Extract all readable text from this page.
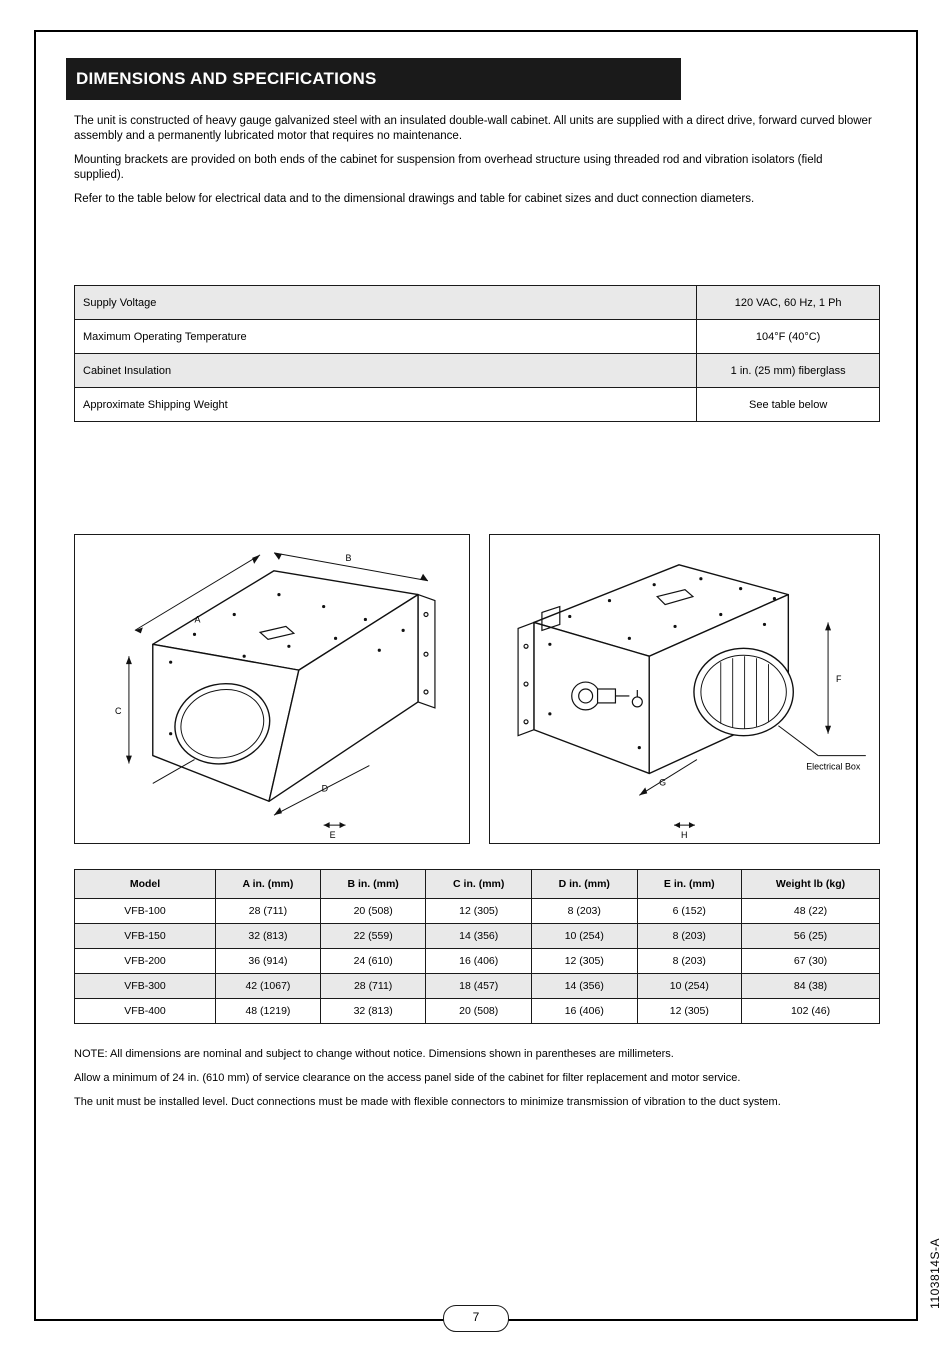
DIMENSIONS AND SPECIFICATIONS

The unit is constructed of heavy gauge galvanized steel with an insulated double-wall cabinet. All units are supplied with a direct drive, forward curved blower assembly and a permanently lubricated motor that requires no maintenance.

Mounting brackets are provided on both ends of the cabinet for suspension from overhead structure using threaded rod and vibration isolators (field supplied).

Refer to the table below for electrical data and to the dimensional drawings and table for cabinet sizes and duct connection diameters.

Supply Voltage	120 VAC, 60 Hz, 1 Ph
Maximum Operating Temperature	104°F (40°C)
Cabinet Insulation	1 in. (25 mm) fiberglass
Approximate Shipping Weight	See table below
A
B
C
D
E
F
G
H
Electrical Box
Model	A in. (mm)	B in. (mm)	C in. (mm)	D in. (mm)	E in. (mm)	Weight lb (kg)
VFB-100	28 (711)	20 (508)	12 (305)	8 (203)	6 (152)	48 (22)
VFB-150	32 (813)	22 (559)	14 (356)	10 (254)	8 (203)	56 (25)
VFB-200	36 (914)	24 (610)	16 (406)	12 (305)	8 (203)	67 (30)
VFB-300	42 (1067)	28 (711)	18 (457)	14 (356)	10 (254)	84 (38)
VFB-400	48 (1219)	32 (813)	20 (508)	16 (406)	12 (305)	102 (46)

NOTE: All dimensions are nominal and subject to change without notice. Dimensions shown in parentheses are millimeters.

Allow a minimum of 24 in. (610 mm) of service clearance on the access panel side of the cabinet for filter replacement and motor service.

The unit must be installed level. Duct connections must be made with flexible connectors to minimize transmission of vibration to the duct system.

7
1103814S-A
